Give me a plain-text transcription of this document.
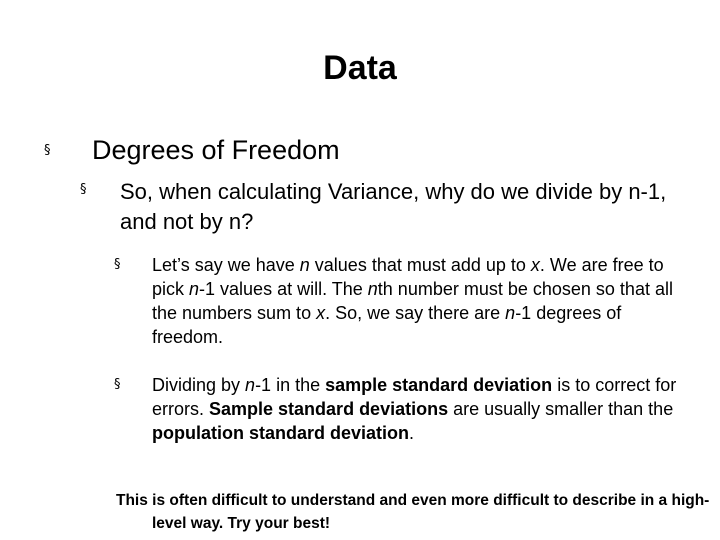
Data
§ Degrees of Freedom
§ So, when calculating Variance, why do we divide by n-1, and not by n?
§ Let’s say we have n values that must add up to x. We are free to pick n-1 values at will. The nth number must be chosen so that all the numbers sum to x. So, we say there are n-1 degrees of freedom.
§ Dividing by n-1 in the sample standard deviation is to correct for errors. Sample standard deviations are usually smaller than the population standard deviation.
This is often difficult to understand and even more difficult to describe in a high-level way. Try your best!
